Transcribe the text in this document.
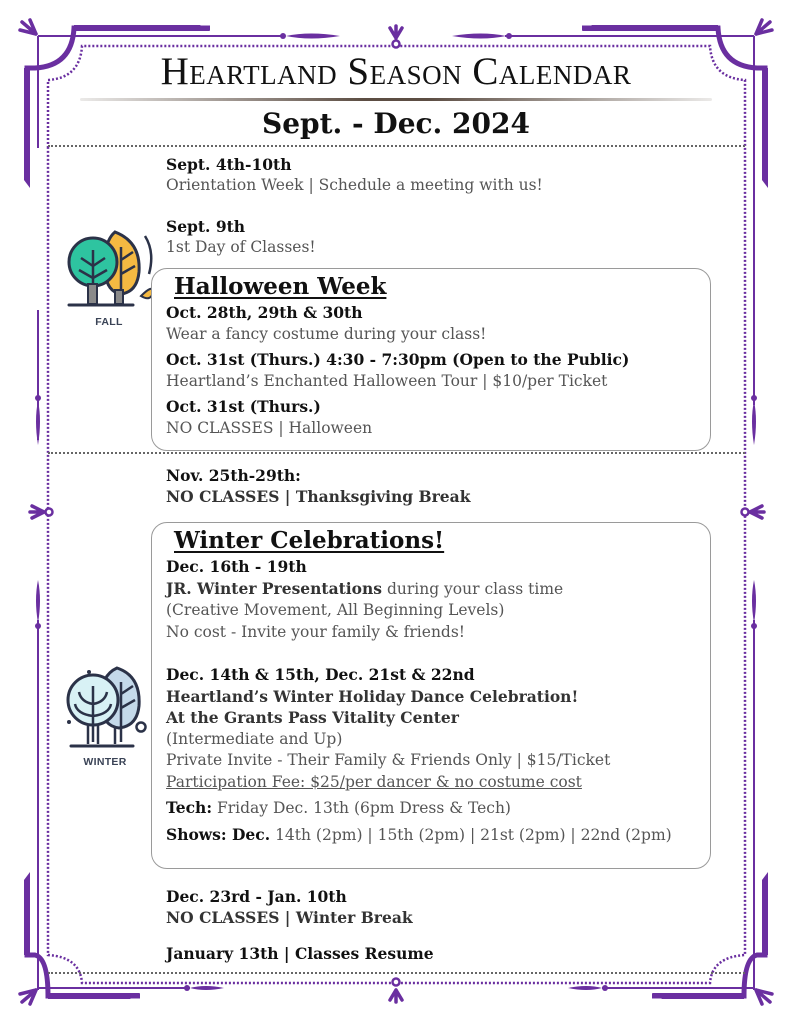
Heartland Season Calendar
Sept. - Dec. 2024
FALL
WINTER
Sept. 4th-10th
Orientation Week | Schedule a meeting with us!
Sept. 9th
1st Day of Classes!
Halloween Week
Oct. 28th, 29th & 30th
Wear a fancy costume during your class!
Oct. 31st (Thurs.) 4:30 - 7:30pm (Open to the Public)
Heartland’s Enchanted Halloween Tour | $10/per Ticket
Oct. 31st (Thurs.)
NO CLASSES | Halloween
Nov. 25th-29th:
NO CLASSES | Thanksgiving Break
Winter Celebrations!
Dec. 16th - 19th
JR. Winter Presentations during your class time
(Creative Movement, All Beginning Levels)
No cost - Invite your family & friends!
Dec. 14th & 15th, Dec. 21st & 22nd
Heartland’s Winter Holiday Dance Celebration!
At the Grants Pass Vitality Center
(Intermediate and Up)
Private Invite - Their Family & Friends Only | $15/Ticket
Participation Fee: $25/per dancer & no costume cost
Tech: Friday Dec. 13th (6pm Dress & Tech)
Shows: Dec. 14th (2pm) | 15th (2pm) | 21st (2pm) | 22nd (2pm)
Dec. 23rd - Jan. 10th
NO CLASSES | Winter Break
January 13th | Classes Resume
